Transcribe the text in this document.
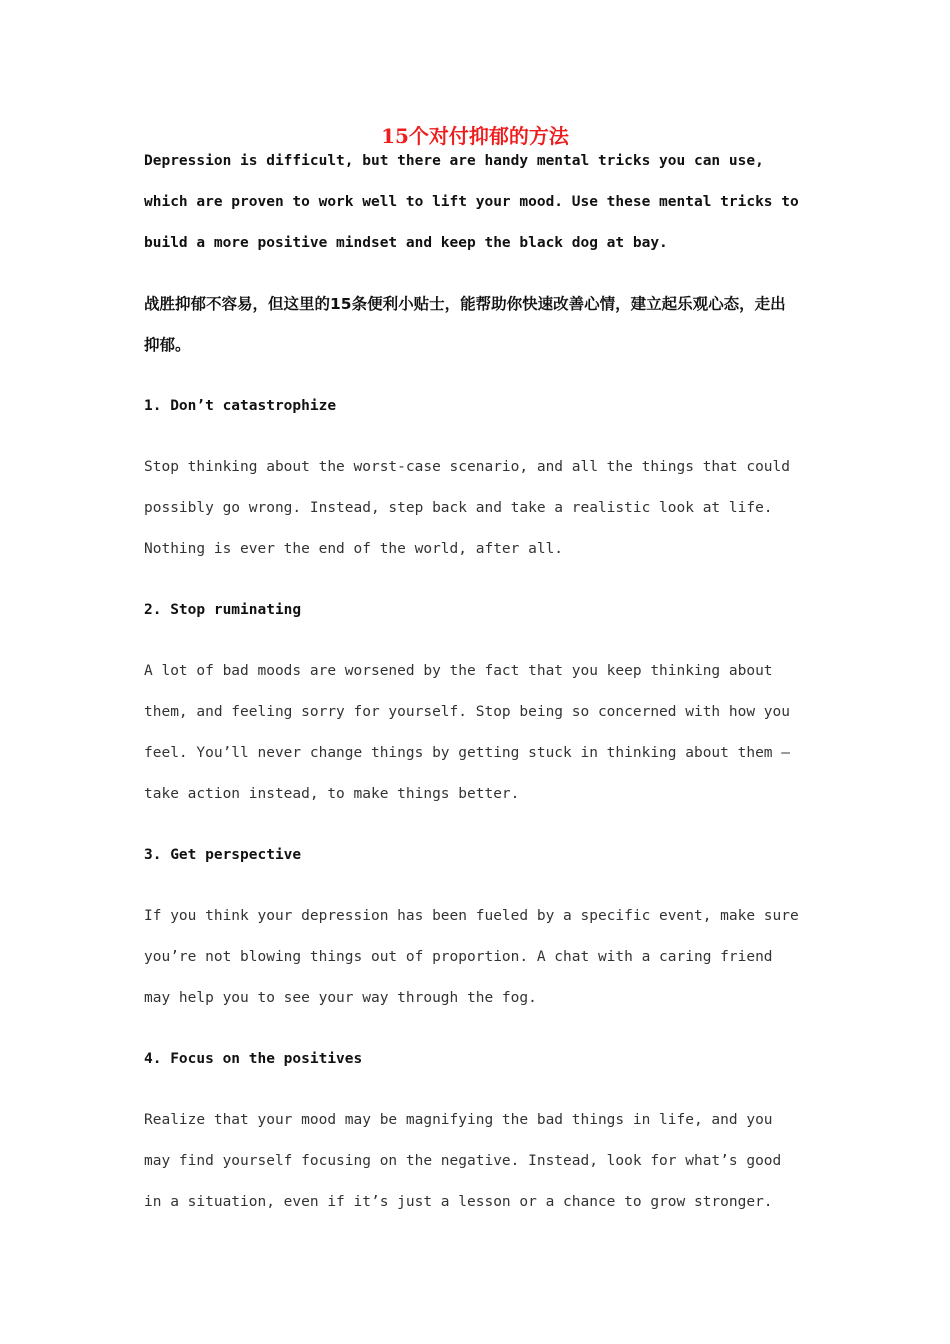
15个对付抑郁的方法

Depression is difficult, but there are handy mental tricks you can use, which are proven to work well to lift your mood. Use these mental tricks to build a more positive mindset and keep the black dog at bay.

战胜抑郁不容易，但这里的15条便利小贴士，能帮助你快速改善心情，建立起乐观心态，走出抑郁。

1. Don’t catastrophize

Stop thinking about the worst-case scenario, and all the things that could possibly go wrong. Instead, step back and take a realistic look at life. Nothing is ever the end of the world, after all.

2. Stop ruminating

A lot of bad moods are worsened by the fact that you keep thinking about them, and feeling sorry for yourself. Stop being so concerned with how you feel. You’ll never change things by getting stuck in thinking about them – take action instead, to make things better.

3. Get perspective

If you think your depression has been fueled by a specific event, make sure you’re not blowing things out of proportion. A chat with a caring friend may help you to see your way through the fog.

4. Focus on the positives

Realize that your mood may be magnifying the bad things in life, and you may find yourself focusing on the negative. Instead, look for what’s good in a situation, even if it’s just a lesson or a chance to grow stronger.
